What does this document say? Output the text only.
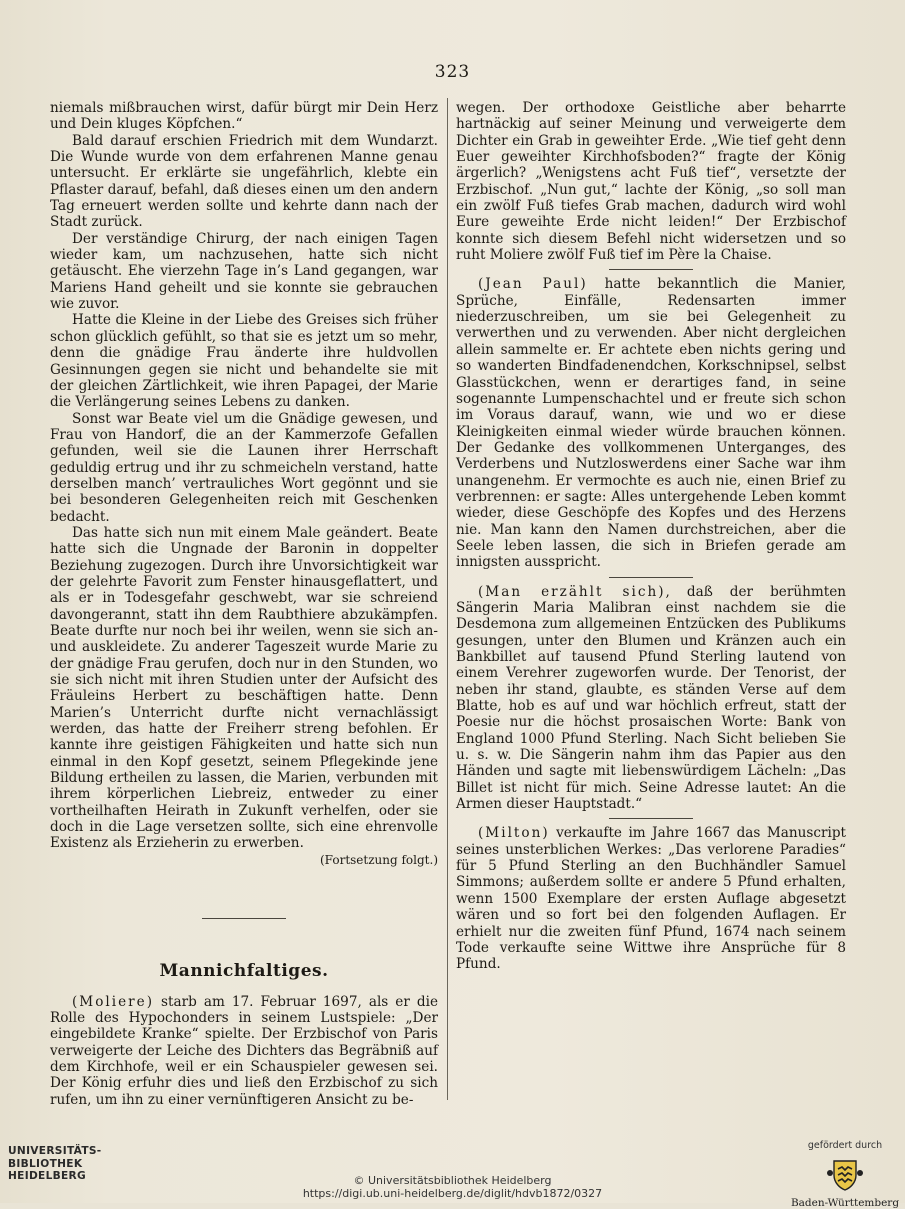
323

niemals mißbrauchen wirst, dafür bürgt mir Dein Herz und Dein kluges Köpfchen.“

Bald darauf erschien Friedrich mit dem Wundarzt. Die Wunde wurde von dem erfahrenen Manne genau untersucht. Er erklärte sie ungefährlich, klebte ein Pflaster darauf, befahl, daß dieses einen um den andern Tag erneuert werden sollte und kehrte dann nach der Stadt zurück.

Der verständige Chirurg, der nach einigen Tagen wieder kam, um nachzusehen, hatte sich nicht getäuscht. Ehe vierzehn Tage in’s Land gegangen, war Mariens Hand geheilt und sie konnte sie gebrauchen wie zuvor.

Hatte die Kleine in der Liebe des Greises sich früher schon glücklich gefühlt, so that sie es jetzt um so mehr, denn die gnädige Frau änderte ihre huldvollen Gesinnungen gegen sie nicht und behandelte sie mit der gleichen Zärtlichkeit, wie ihren Papagei, der Marie die Verlängerung seines Lebens zu danken.

Sonst war Beate viel um die Gnädige gewesen, und Frau von Handorf, die an der Kammerzofe Gefallen gefunden, weil sie die Launen ihrer Herrschaft geduldig ertrug und ihr zu schmeicheln verstand, hatte derselben manch’ vertrauliches Wort gegönnt und sie bei besonderen Gelegenheiten reich mit Geschenken bedacht.

Das hatte sich nun mit einem Male geändert. Beate hatte sich die Ungnade der Baronin in doppelter Beziehung zugezogen. Durch ihre Unvorsichtigkeit war der gelehrte Favorit zum Fenster hinausgeflattert, und als er in Todesgefahr geschwebt, war sie schreiend davongerannt, statt ihn dem Raubthiere abzukämpfen. Beate durfte nur noch bei ihr weilen, wenn sie sich an- und auskleidete. Zu anderer Tageszeit wurde Marie zu der gnädige Frau gerufen, doch nur in den Stunden, wo sie sich nicht mit ihren Studien unter der Aufsicht des Fräuleins Herbert zu beschäftigen hatte. Denn Marien’s Unterricht durfte nicht vernachlässigt werden, das hatte der Freiherr streng befohlen. Er kannte ihre geistigen Fähigkeiten und hatte sich nun einmal in den Kopf gesetzt, seinem Pflegekinde jene Bildung ertheilen zu lassen, die Marien, verbunden mit ihrem körperlichen Liebreiz, entweder zu einer vortheilhaften Heirath in Zukunft verhelfen, oder sie doch in die Lage versetzen sollte, sich eine ehrenvolle Existenz als Erzieherin zu erwerben.

(Fortsetzung folgt.)

Mannichfaltiges.

(Moliere) starb am 17. Februar 1697, als er die Rolle des Hypochonders in seinem Lustspiele: „Der eingebildete Kranke“ spielte. Der Erzbischof von Paris verweigerte der Leiche des Dichters das Begräbniß auf dem Kirchhofe, weil er ein Schauspieler gewesen sei. Der König erfuhr dies und ließ den Erzbischof zu sich rufen, um ihn zu einer vernünftigeren Ansicht zu be-

wegen. Der orthodoxe Geistliche aber beharrte hartnäckig auf seiner Meinung und verweigerte dem Dichter ein Grab in geweihter Erde. „Wie tief geht denn Euer geweihter Kirchhofsboden?“ fragte der König ärgerlich? „Wenigstens acht Fuß tief“, versetzte der Erzbischof. „Nun gut,“ lachte der König, „so soll man ein zwölf Fuß tiefes Grab machen, dadurch wird wohl Eure geweihte Erde nicht leiden!“ Der Erzbischof konnte sich diesem Befehl nicht widersetzen und so ruht Moliere zwölf Fuß tief im Père la Chaise.

(Jean Paul) hatte bekanntlich die Manier, Sprüche, Einfälle, Redensarten immer niederzuschreiben, um sie bei Gelegenheit zu verwerthen und zu verwenden. Aber nicht dergleichen allein sammelte er. Er achtete eben nichts gering und so wanderten Bindfadenendchen, Korkschnipsel, selbst Glasstückchen, wenn er derartiges fand, in seine sogenannte Lumpenschachtel und er freute sich schon im Voraus darauf, wann, wie und wo er diese Kleinigkeiten einmal wieder würde brauchen können. Der Gedanke des vollkommenen Unterganges, des Verderbens und Nutzloswerdens einer Sache war ihm unangenehm. Er vermochte es auch nie, einen Brief zu verbrennen: er sagte: Alles untergehende Leben kommt wieder, diese Geschöpfe des Kopfes und des Herzens nie. Man kann den Namen durchstreichen, aber die Seele leben lassen, die sich in Briefen gerade am innigsten ausspricht.

(Man erzählt sich), daß der berühmten Sängerin Maria Malibran einst nachdem sie die Desdemona zum allgemeinen Entzücken des Publikums gesungen, unter den Blumen und Kränzen auch ein Bankbillet auf tausend Pfund Sterling lautend von einem Verehrer zugeworfen wurde. Der Tenorist, der neben ihr stand, glaubte, es ständen Verse auf dem Blatte, hob es auf und war höchlich erfreut, statt der Poesie nur die höchst prosaischen Worte: Bank von England 1000 Pfund Sterling. Nach Sicht belieben Sie u. s. w. Die Sängerin nahm ihm das Papier aus den Händen und sagte mit liebenswürdigem Lächeln: „Das Billet ist nicht für mich. Seine Adresse lautet: An die Armen dieser Hauptstadt.“

(Milton) verkaufte im Jahre 1667 das Manuscript seines unsterblichen Werkes: „Das verlorene Paradies“ für 5 Pfund Sterling an den Buchhändler Samuel Simmons; außerdem sollte er andere 5 Pfund erhalten, wenn 1500 Exemplare der ersten Auflage abgesetzt wären und so fort bei den folgenden Auflagen. Er erhielt nur die zweiten fünf Pfund, 1674 nach seinem Tode verkaufte seine Wittwe ihre Ansprüche für 8 Pfund.

UNIVERSITÄTS-
BIBLIOTHEK
HEIDELBERG	© Universitätsbibliothek Heidelberg
https://digi.ub.uni-heidelberg.de/diglit/hdvb1872/0327
gefördert durch
Baden-Württemberg
